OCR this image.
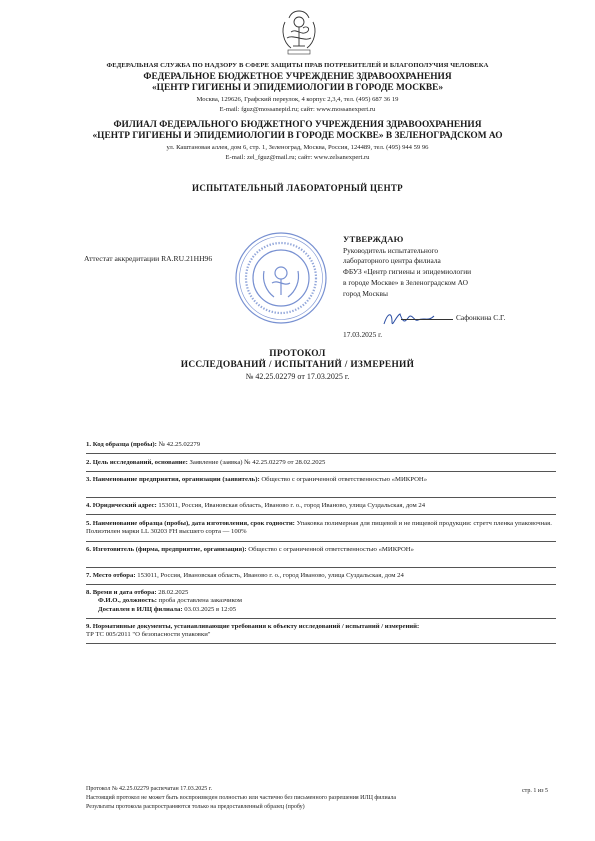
ФЕДЕРАЛЬНАЯ СЛУЖБА ПО НАДЗОРУ В СФЕРЕ ЗАЩИТЫ ПРАВ ПОТРЕБИТЕЛЕЙ И БЛАГОПОЛУЧИЯ ЧЕЛОВЕКА
ФЕДЕРАЛЬНОЕ БЮДЖЕТНОЕ УЧРЕЖДЕНИЕ ЗДРАВООХРАНЕНИЯ
«ЦЕНТР ГИГИЕНЫ И ЭПИДЕМИОЛОГИИ В ГОРОДЕ МОСКВЕ»
Москва, 129626, Графский переулок, 4 корпус 2,3,4, тел. (495) 687 36 19
E-mail: fguz@mossanepid.ru; сайт: www.mossanexpert.ru
ФИЛИАЛ ФЕДЕРАЛЬНОГО БЮДЖЕТНОГО УЧРЕЖДЕНИЯ ЗДРАВООХРАНЕНИЯ
«ЦЕНТР ГИГИЕНЫ И ЭПИДЕМИОЛОГИИ В ГОРОДЕ МОСКВЕ» В ЗЕЛЕНОГРАДСКОМ АО
ул. Каштановая аллея, дом 6, стр. 1, Зеленоград, Москва, Россия, 124489, тел. (495) 944 59 96
E-mail: zel_fguz@mail.ru; сайт: www.zelsanexpert.ru
ИСПЫТАТЕЛЬНЫЙ ЛАБОРАТОРНЫЙ ЦЕНТР
Аттестат аккредитации RA.RU.21НН96
УТВЕРЖДАЮ
Руководитель испытательного
лабораторного центра филиала
ФБУЗ «Центр гигиены и эпидемиологии
в городе Москве» в Зеленоградском АО
город Москвы
Сафонкина С.Г.
17.03.2025 г.
ПРОТОКОЛ
ИССЛЕДОВАНИЙ / ИСПЫТАНИЙ / ИЗМЕРЕНИЙ
№ 42.25.02279 от 17.03.2025 г.
1. Код образца (пробы): № 42.25.02279
2. Цель исследований, основание: Заявление (заявка) № 42.25.02279 от 28.02.2025
3. Наименование предприятия, организации (заявитель): Общество с ограниченной ответственностью «МИКРОН»
4. Юридический адрес: 153011, Россия, Ивановская область, Иваново г. о., город Иваново, улица Суздальская, дом 24
5. Наименование образца (пробы), дата изготовления, срок годности: Упаковка полимерная для пищевой и не пищевой продукции: стретч пленка упаковочная. Полиэтилен марки LL 30203 FH высшего сорта — 100%
6. Изготовитель (фирма, предприятие, организация): Общество с ограниченной ответственностью «МИКРОН»
7. Место отбора: 153011, Россия, Ивановская область, Иваново г. о., город Иваново, улица Суздальская, дом 24
8. Время и дата отбора: 28.02.2025
Ф.И.О., должность: проба доставлена заказчиком
Доставлен в ИЛЦ филиала: 03.03.2025 в 12:05
9. Нормативные документы, устанавливающие требования к объекту исследований / испытаний / измерений:
ТР ТС 005/2011 "О безопасности упаковки"
Протокол № 42.25.02279 распечатан 17.03.2025 г.
Настоящий протокол не может быть воспроизведен полностью или частично без письменного разрешения ИЛЦ филиала
Результаты протокола распространяются только на предоставленный образец (пробу)
стр. 1 из 5
